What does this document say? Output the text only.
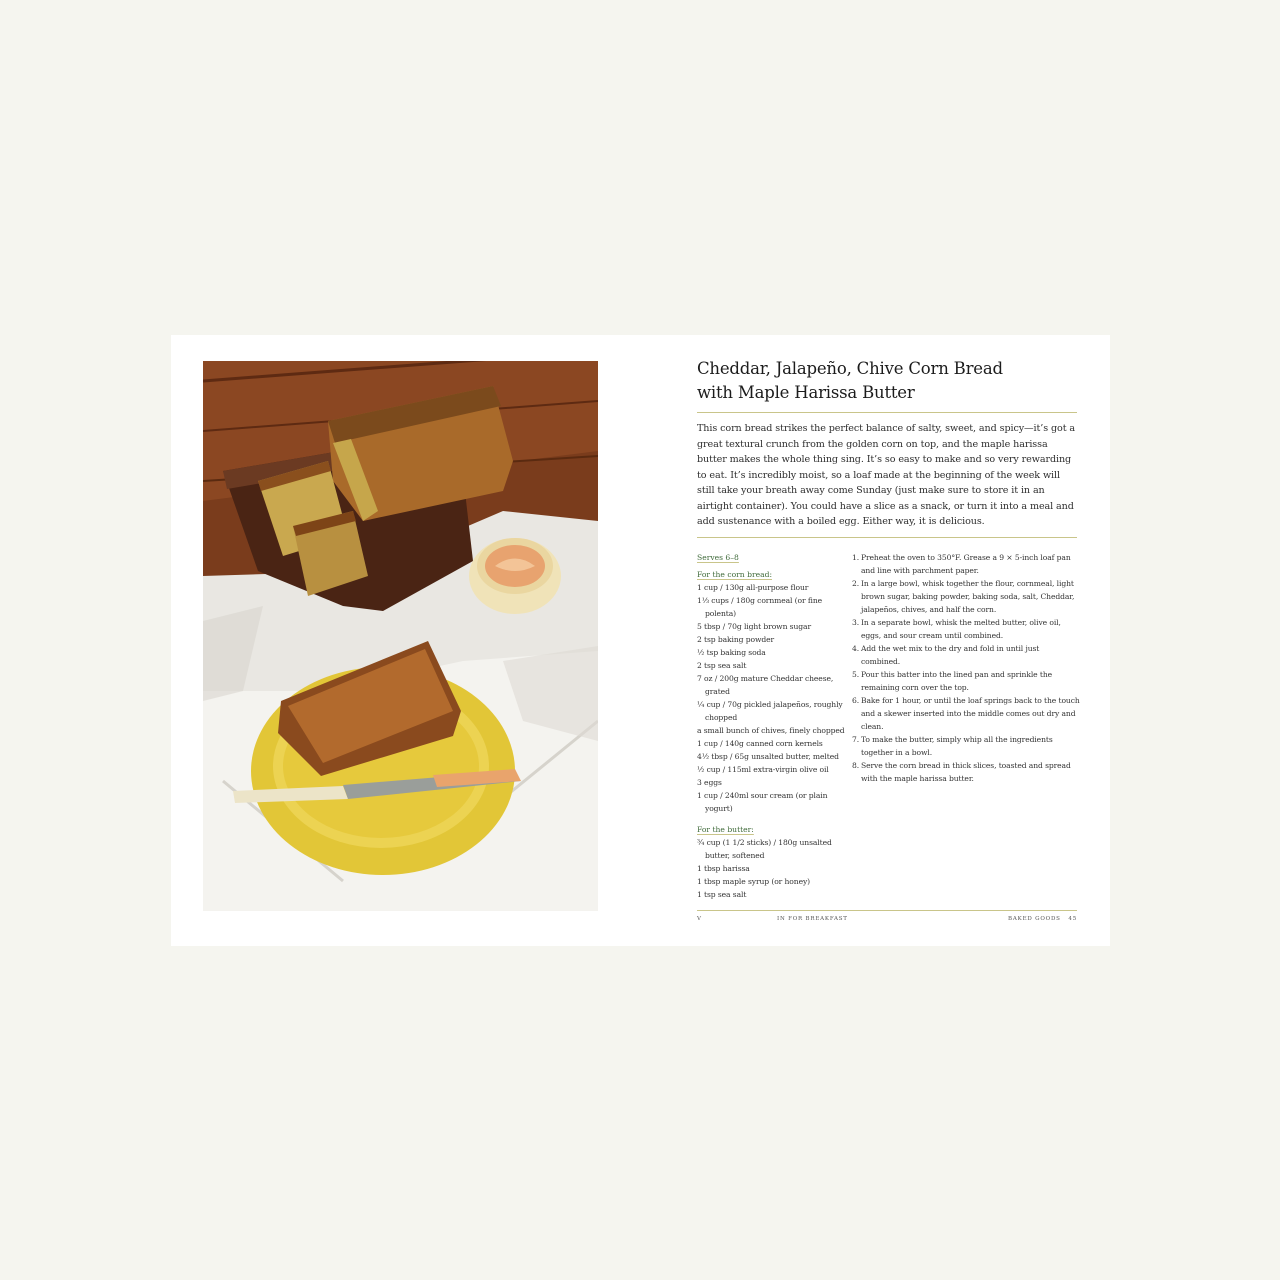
Cheddar, Jalapeño, Chive Corn Bread
with Maple Harissa Butter

This corn bread strikes the perfect balance of salty, sweet, and spicy—it’s got a great textural crunch from the golden corn on top, and the maple harissa butter makes the whole thing sing. It’s so easy to make and so very rewarding to eat. It’s incredibly moist, so a loaf made at the beginning of the week will still take your breath away come Sunday (just make sure to store it in an airtight container). You could have a slice as a snack, or turn it into a meal and add sustenance with a boiled egg. Either way, it is delicious.

Serves 6–8
For the corn bread:
1 cup / 130g all-purpose flour
1⅓ cups / 180g cornmeal (or fine polenta)
5 tbsp / 70g light brown sugar
2 tsp baking powder
½ tsp baking soda
2 tsp sea salt
7 oz / 200g mature Cheddar cheese, grated
¼ cup / 70g pickled jalapeños, roughly chopped
a small bunch of chives, finely chopped
1 cup / 140g canned corn kernels
4½ tbsp / 65g unsalted butter, melted
½ cup / 115ml extra-virgin olive oil
3 eggs
1 cup / 240ml sour cream (or plain yogurt)
For the butter:
¾ cup (1 1/2 sticks) / 180g unsalted butter, softened
1 tbsp harissa
1 tbsp maple syrup (or honey)
1 tsp sea salt
1. Preheat the oven to 350°F. Grease a 9 × 5-inch loaf pan and line with parchment paper.
2. In a large bowl, whisk together the flour, cornmeal, light brown sugar, baking powder, baking soda, salt, Cheddar, jalapeños, chives, and half the corn.
3. In a separate bowl, whisk the melted butter, olive oil, eggs, and sour cream until combined.
4. Add the wet mix to the dry and fold in until just combined.
5. Pour this batter into the lined pan and sprinkle the remaining corn over the top.
6. Bake for 1 hour, or until the loaf springs back to the touch and a skewer inserted into the middle comes out dry and clean.
7. To make the butter, simply whip all the ingredients together in a bowl.
8. Serve the corn bread in thick slices, toasted and spread with the maple harissa butter.
V	IN FOR BREAKFAST	BAKED GOODS 45
